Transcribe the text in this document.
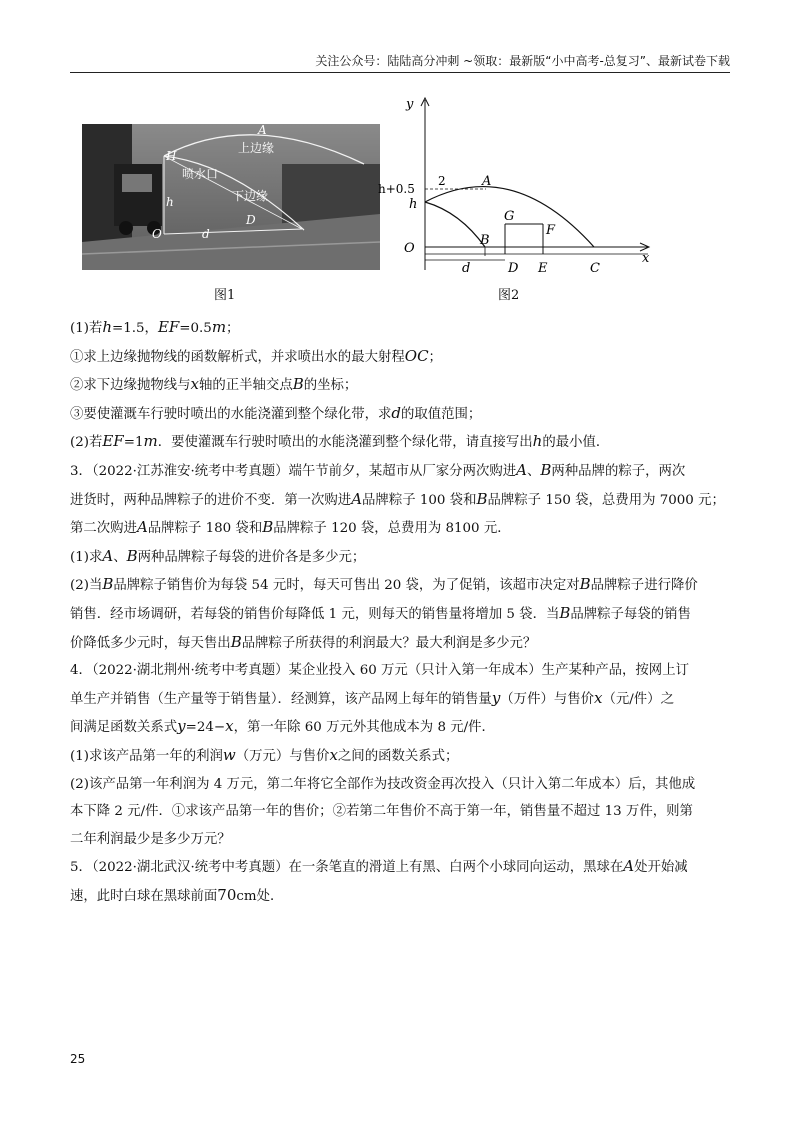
关注公众号：陆陆高分冲刺 ~领取：最新版“小中高考-总复习”、最新试卷下载
A
H
上边缘
喷水口
下边缘
h
D
O	d
图1
y
x
O
h+0.5
h
2	A
B
G
F
d	D E	C
图2

(1)若h=1.5，EF=0.5m；

①求上边缘抛物线的函数解析式，并求喷出水的最大射程OC；

②求下边缘抛物线与x轴的正半轴交点B的坐标；

③要使灌溉车行驶时喷出的水能浇灌到整个绿化带，求d的取值范围；

(2)若EF=1m．要使灌溉车行驶时喷出的水能浇灌到整个绿化带，请直接写出h的最小值．

3．（2022·江苏淮安·统考中考真题）端午节前夕，某超市从厂家分两次购进A、B两种品牌的粽子，两次

进货时，两种品牌粽子的进价不变．第一次购进A品牌粽子 100 袋和B品牌粽子 150 袋，总费用为 7000 元；

第二次购进A品牌粽子 180 袋和B品牌粽子 120 袋，总费用为 8100 元．

(1)求A、B两种品牌粽子每袋的进价各是多少元；

(2)当B品牌粽子销售价为每袋 54 元时，每天可售出 20 袋，为了促销，该超市决定对B品牌粽子进行降价

销售．经市场调研，若每袋的销售价每降低 1 元，则每天的销售量将增加 5 袋．当B品牌粽子每袋的销售

价降低多少元时，每天售出B品牌粽子所获得的利润最大？最大利润是多少元？

4．（2022·湖北荆州·统考中考真题）某企业投入 60 万元（只计入第一年成本）生产某种产品，按网上订

单生产并销售（生产量等于销售量）．经测算，该产品网上每年的销售量y（万件）与售价x（元/件）之

间满足函数关系式y=24−x，第一年除 60 万元外其他成本为 8 元/件．

(1)求该产品第一年的利润w（万元）与售价x之间的函数关系式；

(2)该产品第一年利润为 4 万元，第二年将它全部作为技改资金再次投入（只计入第二年成本）后，其他成

本下降 2 元/件．①求该产品第一年的售价；②若第二年售价不高于第一年，销售量不超过 13 万件，则第

二年利润最少是多少万元？

5．（2022·湖北武汉·统考中考真题）在一条笔直的滑道上有黑、白两个小球同向运动，黑球在A处开始减

速，此时白球在黑球前面70cm处．

25
